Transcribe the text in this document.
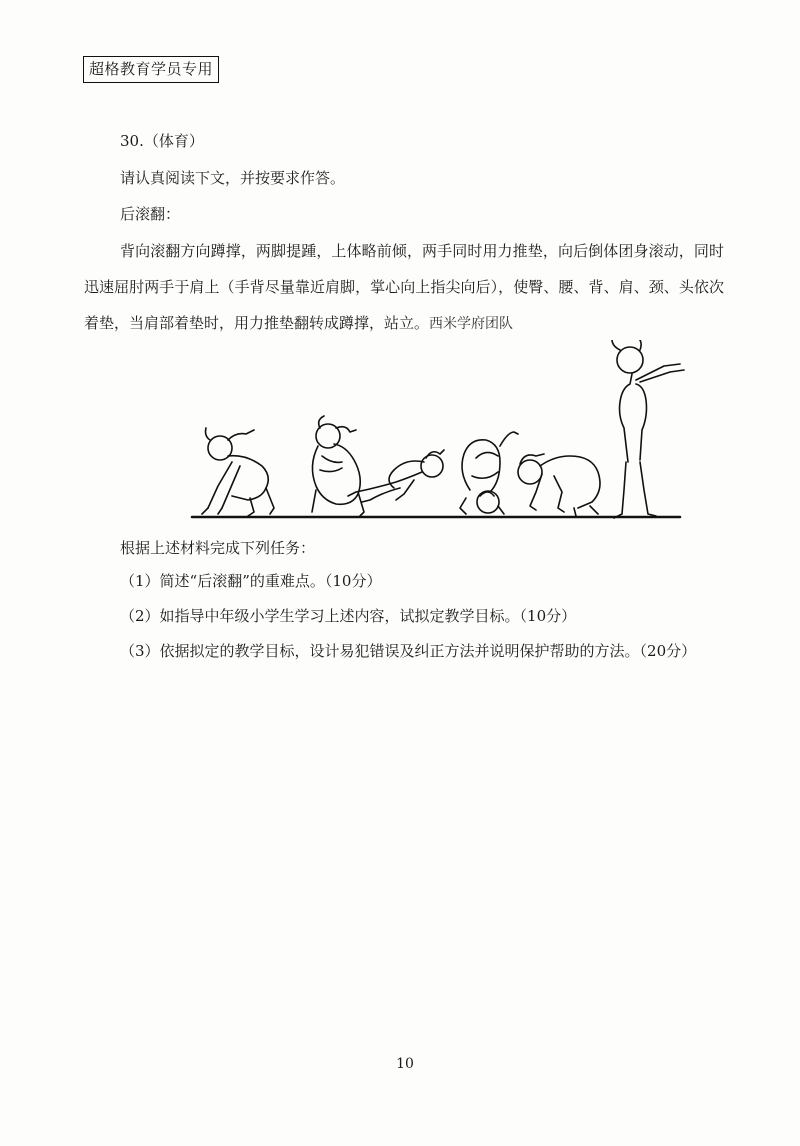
超格教育学员专用
30.（体育）
请认真阅读下文，并按要求作答。
后滚翻：

背向滚翻方向蹲撑，两脚提踵，上体略前倾，两手同时用力推垫，向后倒体团身滚动，同时迅速屈肘两手于肩上（手背尽量靠近肩脚，掌心向上指尖向后），使臀、腰、背、肩、颈、头依次着垫，当肩部着垫时，用力推垫翻转成蹲撑，站立。西米学府团队

根据上述材料完成下列任务：
（1）简述“后滚翻”的重难点。（10分）
（2）如指导中年级小学生学习上述内容，试拟定教学目标。（10分）
（3）依据拟定的教学目标，设计易犯错误及纠正方法并说明保护帮助的方法。（20分）
10
